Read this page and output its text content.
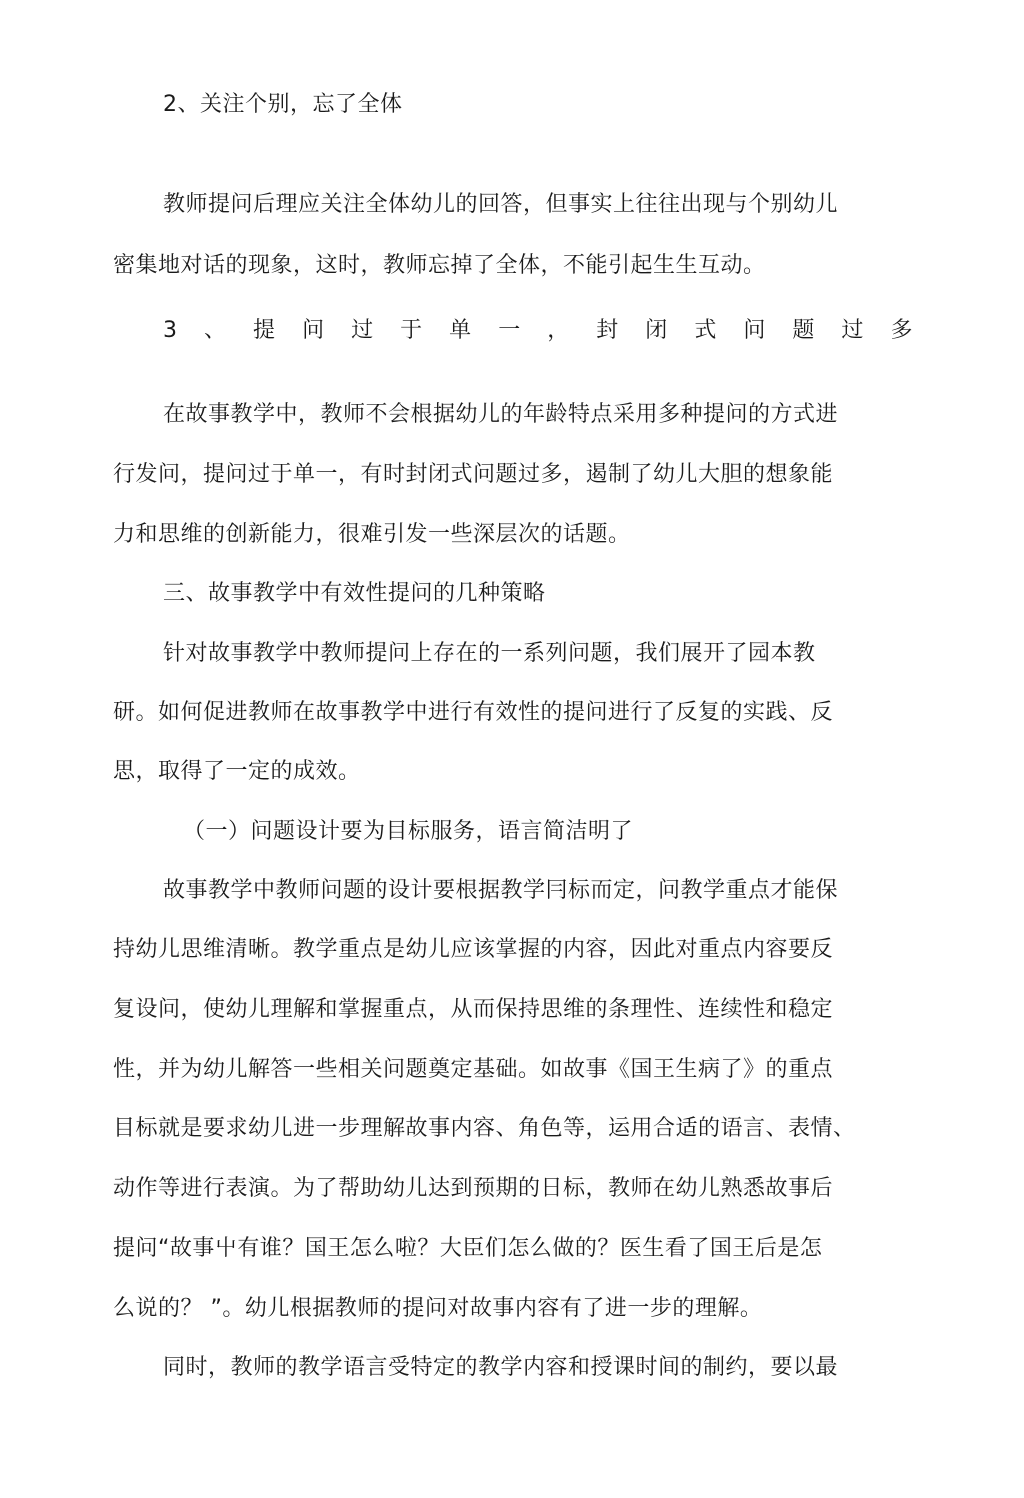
2、关注个别，忘了全体
教师提问后理应关注全体幼儿的回答，但事实上往往出现与个别幼儿
密集地对话的现象，这时，教师忘掉了全体，不能引起生生互动。
3 、 提 问 过 于 单 一 ， 封 闭 式 问 题 过 多
在故事教学中，教师不会根据幼儿的年龄特点采用多种提问的方式进
行发问，提问过于单一，有时封闭式问题过多，遏制了幼儿大胆的想象能
力和思维的创新能力，很难引发一些深层次的话题。
三、故事教学中有效性提问的几种策略
针对故事教学中教师提问上存在的一系列问题，我们展开了园本教
研。如何促进教师在故事教学中进行有效性的提问进行了反复的实践、反
思，取得了一定的成效。
（一）问题设计要为目标服务，语言简洁明了
故事教学中教师问题的设计要根据教学冃标而定，问教学重点才能保
持幼儿思维清晰。教学重点是幼儿应该掌握的内容，因此对重点内容要反
复设问，使幼儿理解和掌握重点，从而保持思维的条理性、连续性和稳定
性，并为幼儿解答一些相关问题奠定基础。如故事《国王生病了》的重点
目标就是要求幼儿进一步理解故事内容、角色等，运用合适的语言、表情、
动作等进行表演。为了帮助幼儿达到预期的日标，教师在幼儿熟悉故事后
提问“故事屮有谁？国王怎么啦？大臣们怎么做的？医生看了国王后是怎
么说的？ ”。幼儿根据教师的提问对故事内容有了进一步的理解。
同时，教师的教学语言受特定的教学内容和授课时间的制约，要以最
